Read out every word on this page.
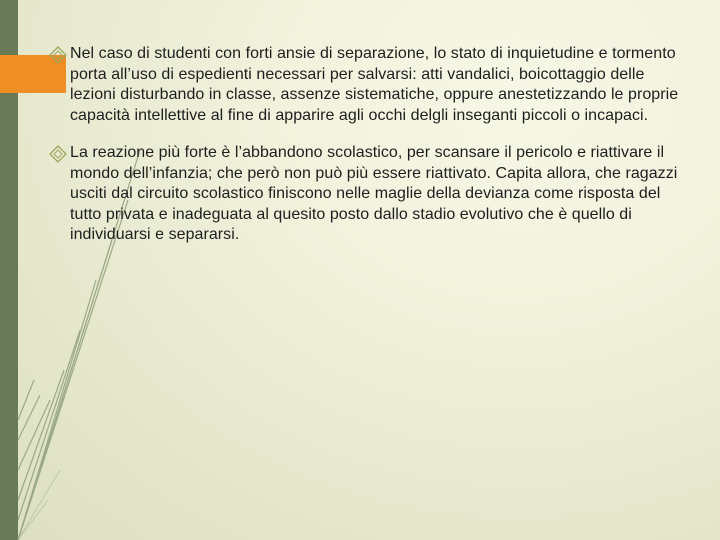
Nel caso di studenti con forti ansie di separazione, lo stato di inquietudine e tormento porta all’uso di espedienti necessari per salvarsi: atti vandalici, boicottaggio delle lezioni disturbando in classe, assenze sistematiche, oppure anestetizzando le proprie capacità intellettive al fine di apparire agli occhi delgli inseganti piccoli o incapaci.

La reazione più forte è l’abbandono scolastico, per scansare il pericolo e riattivare il mondo dell’infanzia; che però non può più essere riattivato. Capita allora, che ragazzi usciti dal circuito scolastico finiscono nelle maglie della devianza come risposta del tutto privata e inadeguata al quesito posto dallo stadio evolutivo che è quello di individuarsi e separarsi.
